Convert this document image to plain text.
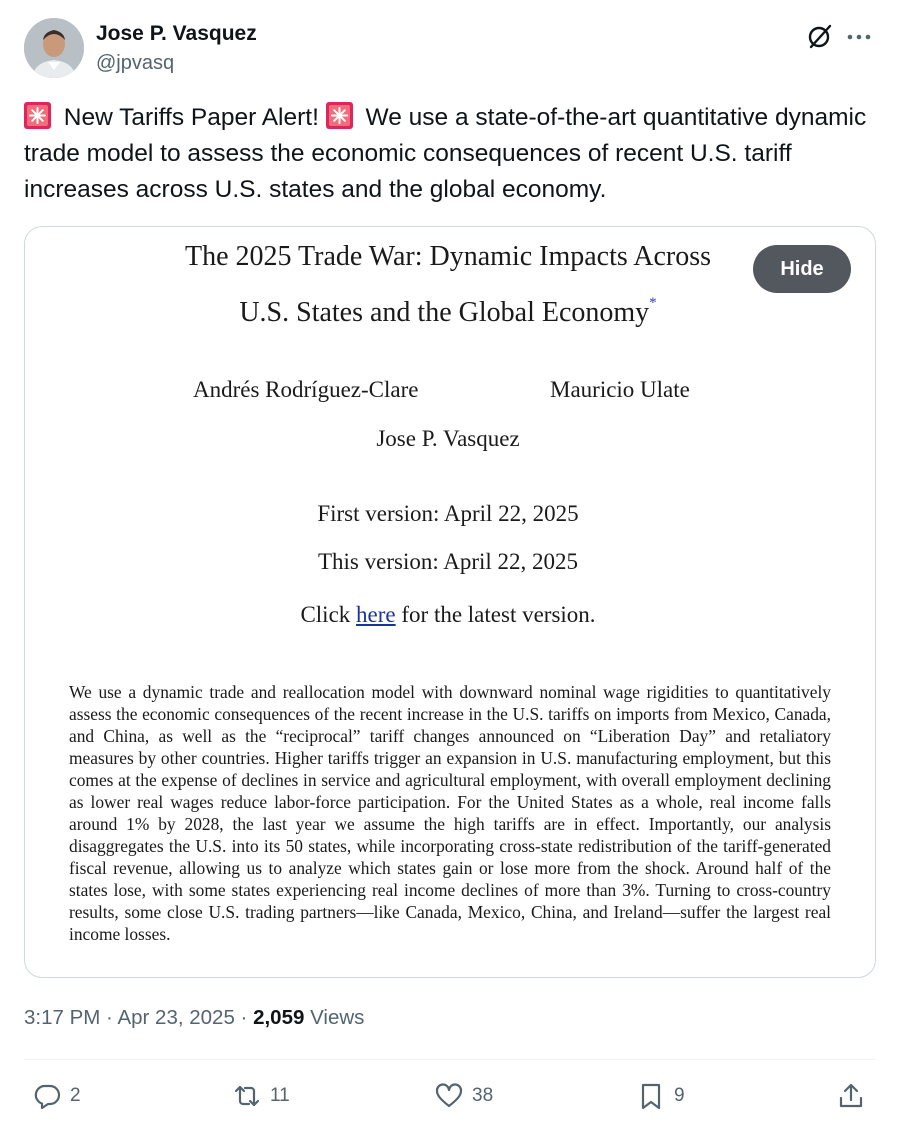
Jose P. Vasquez
@jpvasq
New Tariffs Paper Alert!  We use a state-of-the-art quantitative dynamic trade model to assess the economic consequences of recent U.S. tariff increases across U.S. states and the global economy.
The 2025 Trade War: Dynamic Impacts Across
U.S. States and the Global Economy*
Andrés Rodríguez-Clare	Mauricio Ulate
Jose P. Vasquez
First version: April 22, 2025
This version: April 22, 2025
Click here for the latest version.
We use a dynamic trade and reallocation model with downward nominal wage rigidities to quantitatively assess the economic consequences of the recent increase in the U.S. tariffs on imports from Mexico, Canada, and China, as well as the “reciprocal” tariff changes announced on “Liberation Day” and retaliatory measures by other countries. Higher tariffs trigger an expansion in U.S. manufacturing employment, but this comes at the expense of declines in service and agricultural employment, with overall employment declining as lower real wages reduce labor-force participation. For the United States as a whole, real income falls around 1% by 2028, the last year we assume the high tariffs are in effect. Importantly, our analysis disaggregates the U.S. into its 50 states, while incorporating cross-state redistribution of the tariff-generated fiscal revenue, allowing us to analyze which states gain or lose more from the shock. Around half of the states lose, with some states experiencing real income declines of more than 3%. Turning to cross-country results, some close U.S. trading partners—like Canada, Mexico, China, and Ireland—suffer the largest real income losses.
Hide
3:17 PM · Apr 23, 2025 · 2,059 Views
2	11	38	9
